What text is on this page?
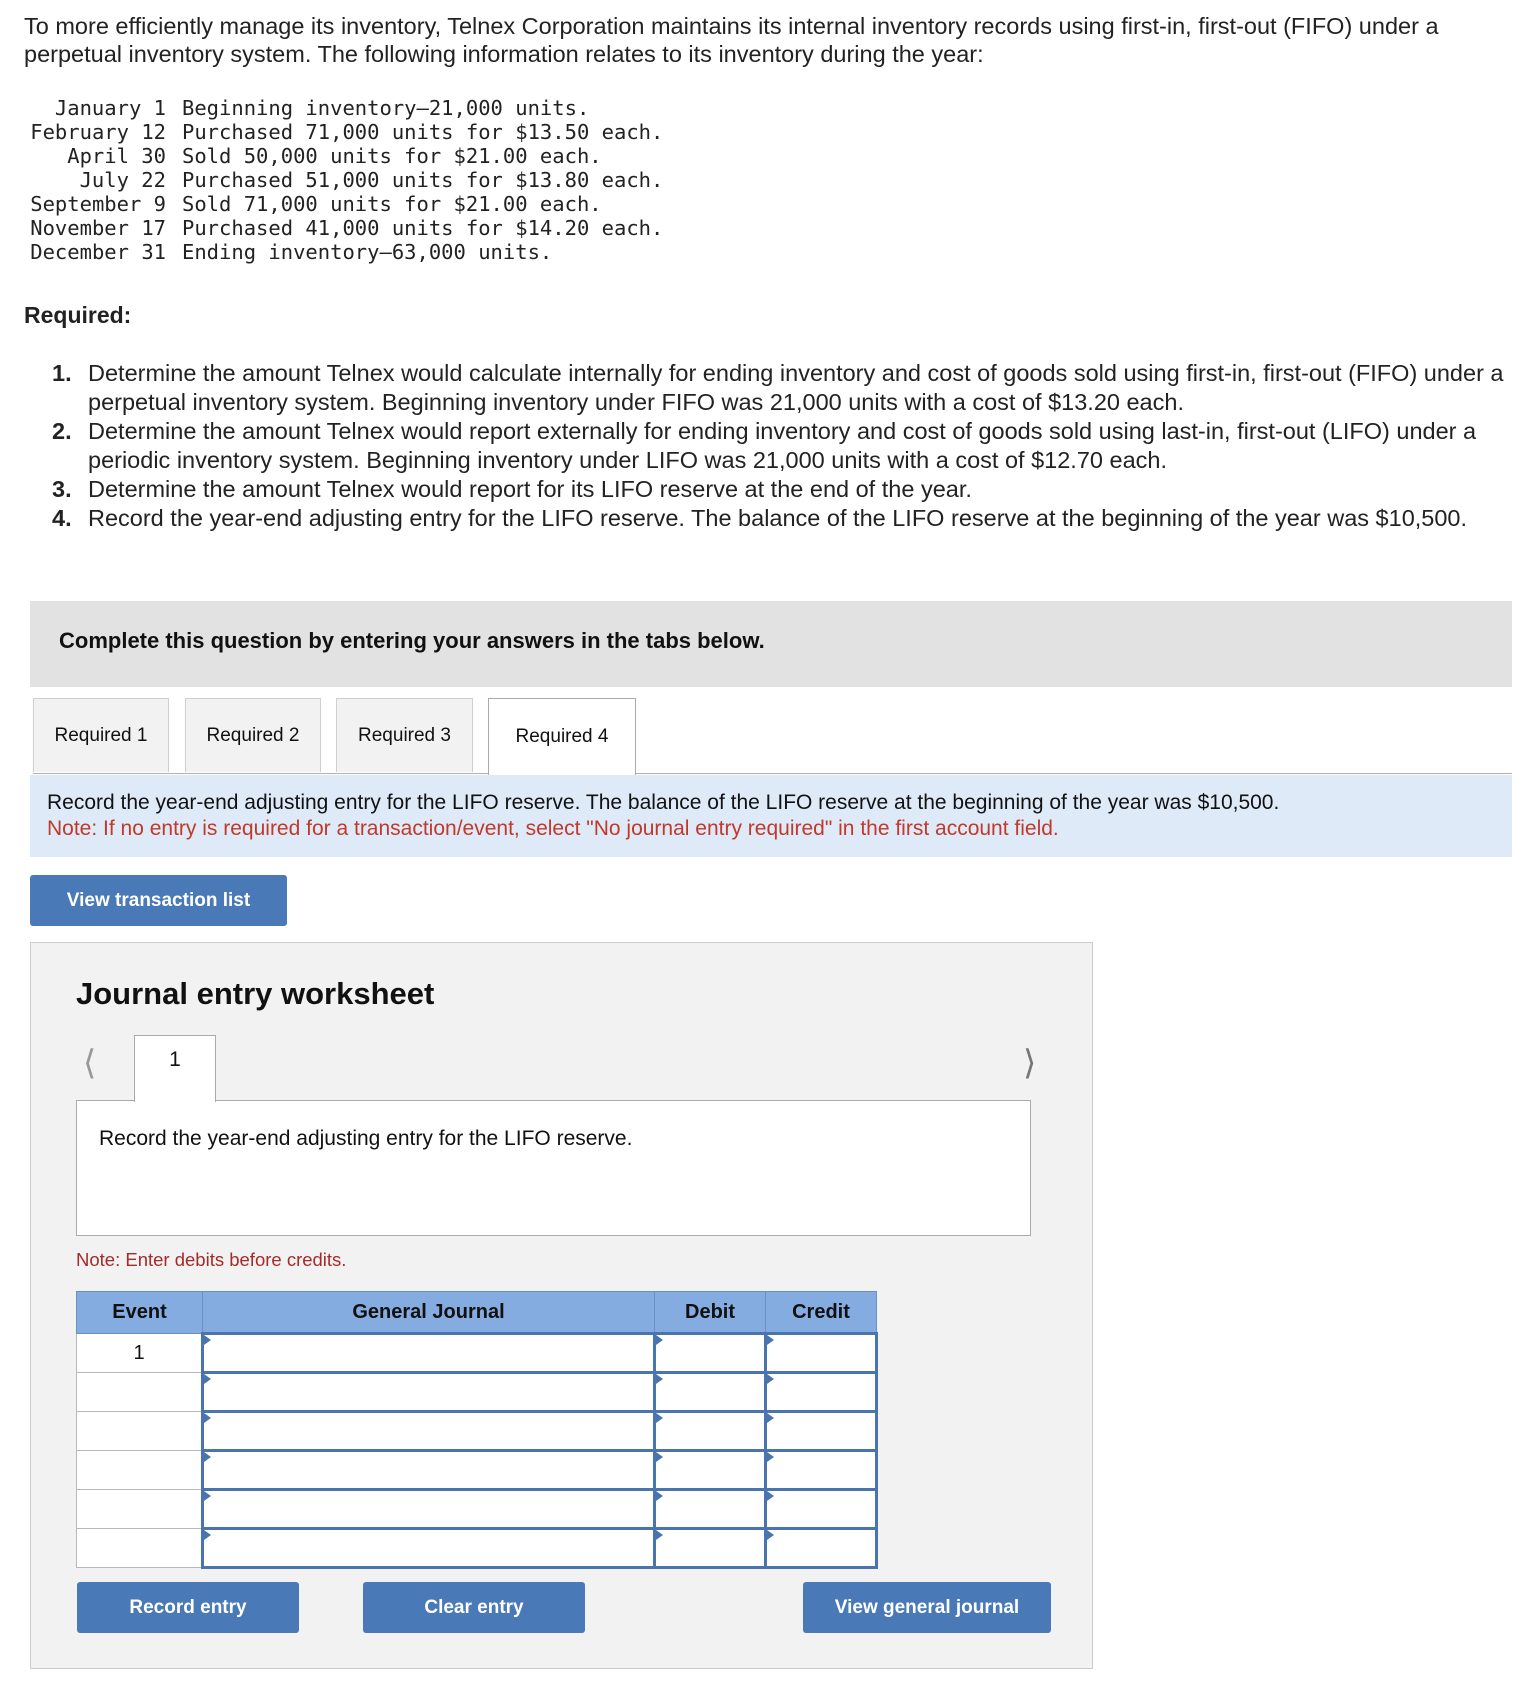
To more efficiently manage its inventory, Telnex Corporation maintains its internal inventory records using first-in, first-out (FIFO) under a perpetual inventory system. The following information relates to its inventory during the year:

January 1 Beginning inventory—21,000 units.
February 12 Purchased 71,000 units for $13.50 each.
April 30 Sold 50,000 units for $21.00 each.
July 22 Purchased 51,000 units for $13.80 each.
September 9 Sold 71,000 units for $21.00 each.
November 17 Purchased 41,000 units for $14.20 each.
December 31 Ending inventory—63,000 units.

Required:

1. Determine the amount Telnex would calculate internally for ending inventory and cost of goods sold using first-in, first-out (FIFO) under a perpetual inventory system. Beginning inventory under FIFO was 21,000 units with a cost of $13.20 each.
2. Determine the amount Telnex would report externally for ending inventory and cost of goods sold using last-in, first-out (LIFO) under a periodic inventory system. Beginning inventory under LIFO was 21,000 units with a cost of $12.70 each.
3. Determine the amount Telnex would report for its LIFO reserve at the end of the year.
4. Record the year-end adjusting entry for the LIFO reserve. The balance of the LIFO reserve at the beginning of the year was $10,500.
Complete this question by entering your answers in the tabs below.
Required 1	Required 2	Required 3	Required 4
Record the year-end adjusting entry for the LIFO reserve. The balance of the LIFO reserve at the beginning of the year was $10,500.
Note: If no entry is required for a transaction/event, select "No journal entry required" in the first account field.
View transaction list
Journal entry worksheet
⟨	⟩
1
Record the year-end adjusting entry for the LIFO reserve.
Note: Enter debits before credits.
Event	General Journal	Debit	Credit
1			

Record entry	Clear entry	View general journal
